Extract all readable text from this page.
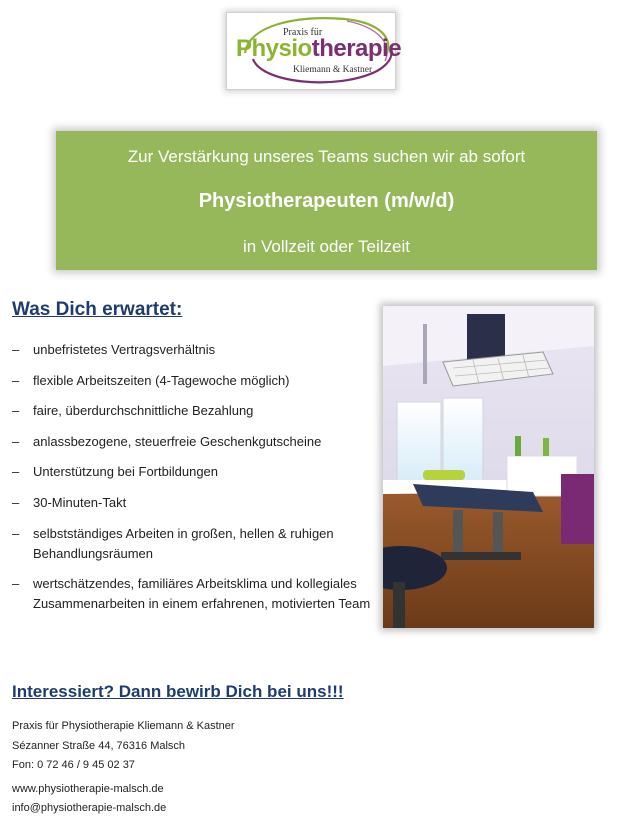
Praxis für
Physiotherapie
Kliemann & Kastner
Zur Verstärkung unseres Teams suchen wir ab sofort
Physiotherapeuten (m/w/d)
in Vollzeit oder Teilzeit
Was Dich erwartet:
– unbefristetes Vertragsverhältnis
– flexible Arbeitszeiten (4-Tagewoche möglich)
– faire, überdurchschnittliche Bezahlung
– anlassbezogene, steuerfreie Geschenkgutscheine
– Unterstützung bei Fortbildungen
– 30-Minuten-Takt
– selbstständiges Arbeiten in großen, hellen & ruhigen Behandlungsräumen
– wertschätzendes, familiäres Arbeitsklima und kollegiales Zusammenarbeiten in einem erfahrenen, motivierten Team
Interessiert? Dann bewirb Dich bei uns!!!
Praxis für Physiotherapie Kliemann & Kastner
Sézanner Straße 44, 76316 Malsch
Fon: 0 72 46 / 9 45 02 37
www.physiotherapie-malsch.de
info@physiotherapie-malsch.de
